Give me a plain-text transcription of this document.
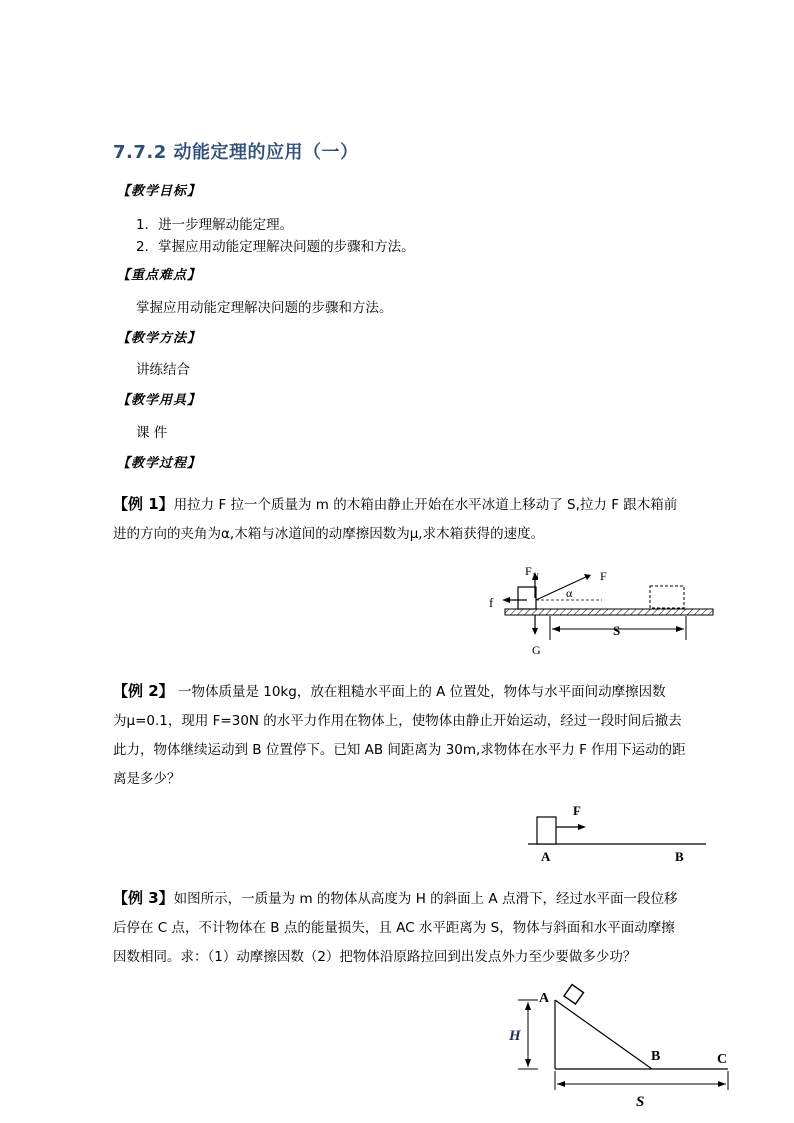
7.7.2 动能定理的应用（一）
【教学目标】
1．进一步理解动能定理。
2．掌握应用动能定理解决问题的步骤和方法。
【重点难点】
掌握应用动能定理解决问题的步骤和方法。
【教学方法】
讲练结合
【教学用具】
课 件
【教学过程】
【例 1】用拉力 F 拉一个质量为 m 的木箱由静止开始在水平冰道上移动了 S,拉力 F 跟木箱前
进的方向的夹角为α,木箱与冰道间的动摩擦因数为μ,求木箱获得的速度。
F N	F
α
f
S
G
【例 2】 一物体质量是 10kg，放在粗糙水平面上的 A 位置处，物体与水平面间动摩擦因数
为μ=0.1，现用 F=30N 的水平力作用在物体上，使物体由静止开始运动，经过一段时间后撤去
此力，物体继续运动到 B 位置停下。已知 AB 间距离为 30m,求物体在水平力 F 作用下运动的距
离是多少？
F
A	B
【例 3】如图所示，一质量为 m 的物体从高度为 H 的斜面上 A 点滑下，经过水平面一段位移
后停在 C 点，不计物体在 B 点的能量损失，且 AC 水平距离为 S，物体与斜面和水平面动摩擦
因数相同。求：（1）动摩擦因数（2）把物体沿原路拉回到出发点外力至少要做多少功？
A
H
B	C
S
